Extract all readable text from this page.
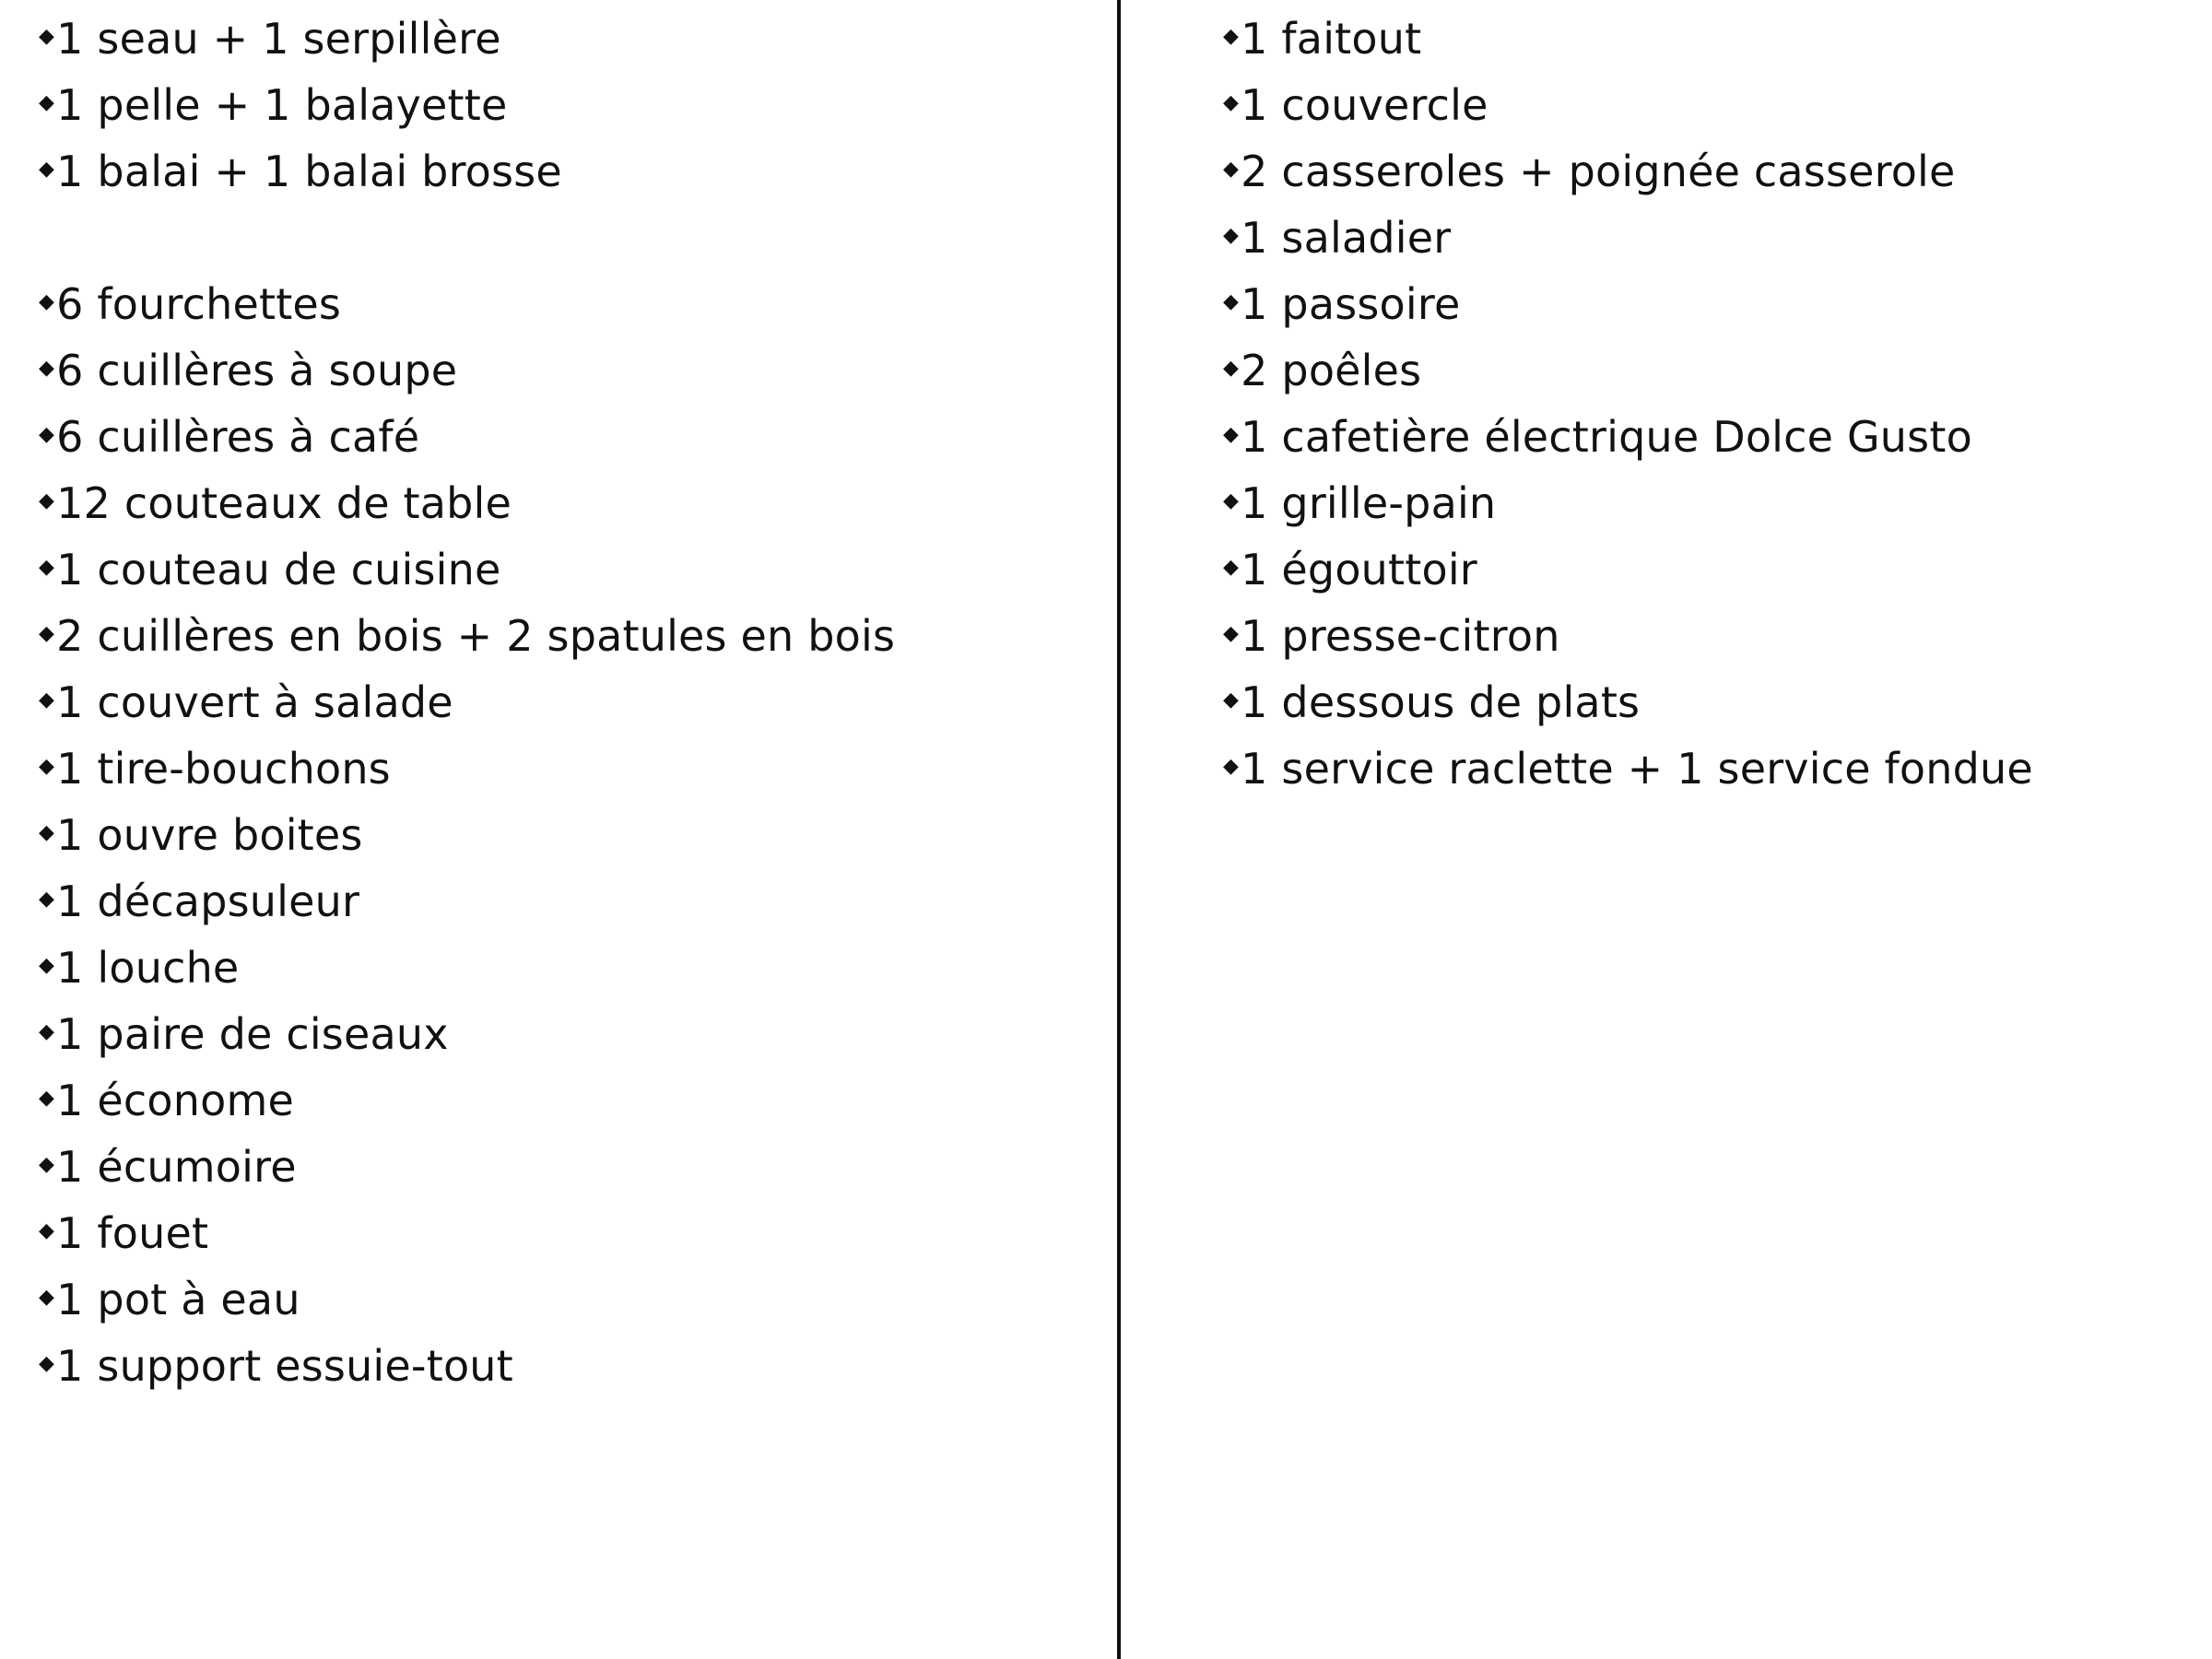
◆1 seau + 1 serpillère
◆1 pelle + 1 balayette
◆1 balai + 1 balai brosse
◆6 fourchettes
◆6 cuillères à soupe
◆6 cuillères à café
◆12 couteaux de table
◆1 couteau de cuisine
◆2 cuillères en bois + 2 spatules en bois
◆1 couvert à salade
◆1 tire-bouchons
◆1 ouvre boites
◆1 décapsuleur
◆1 louche
◆1 paire de ciseaux
◆1 économe
◆1 écumoire
◆1 fouet
◆1 pot à eau
◆1 support essuie-tout
◆1 faitout
◆1 couvercle
◆2 casseroles + poignée casserole
◆1 saladier
◆1 passoire
◆2 poêles
◆1 cafetière électrique Dolce Gusto
◆1 grille-pain
◆1 égouttoir
◆1 presse-citron
◆1 dessous de plats
◆1 service raclette + 1 service fondue
